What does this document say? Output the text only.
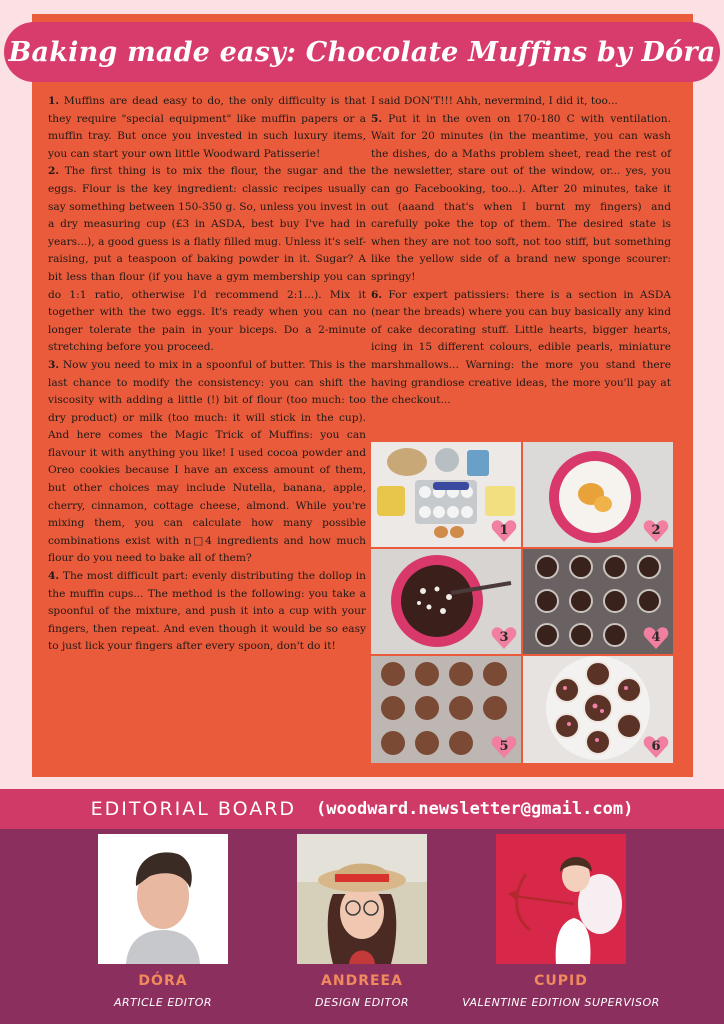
Baking made easy: Chocolate Muffins by Dóra

1. Muffins are dead easy to do, the only difficulty is that they require "special equipment" like muffin papers or a muffin tray. But once you invested in such luxury items, you can start your own little Woodward Patisserie!

2. The first thing is to mix the flour, the sugar and the eggs. Flour is the key ingredient: classic recipes usually say something between 150-350 g. So, unless you invest in a dry measuring cup (£3 in ASDA, best buy I've had in years...), a good guess is a flatly filled mug. Unless it's self-raising, put a teaspoon of baking powder in it. Sugar? A bit less than flour (if you have a gym membership you can do 1:1 ratio, otherwise I'd recommend 2:1...). Mix it together with the two eggs. It's ready when you can no longer tolerate the pain in your biceps. Do a 2-minute stretching before you proceed.

3. Now you need to mix in a spoonful of butter. This is the last chance to modify the consistency: you can shift the viscosity with adding a little (!) bit of flour (too much: too dry product) or milk (too much: it will stick in the cup). And here comes the Magic Trick of Muffins: you can flavour it with anything you like! I used cocoa powder and Oreo cookies because I have an excess amount of them, but other choices may include Nutella, banana, apple, cherry, cinnamon, cottage cheese, almond. While you're mixing them, you can calculate how many possible combinations exist with n□4 ingredients and how much flour do you need to bake all of them?

4. The most difficult part: evenly distributing the dollop in the muffin cups... The method is the following: you take a spoonful of the mixture, and push it into a cup with your fingers, then repeat. And even though it would be so easy to just lick your fingers after every spoon, don't do it!

I said DON'T!!! Ahh, nevermind, I did it, too...

5. Put it in the oven on 170-180 C with ventilation. Wait for 20 minutes (in the meantime, you can wash the dishes, do a Maths problem sheet, read the rest of the newsletter, stare out of the window, or... yes, you can go Facebooking, too...). After 20 minutes, take it out (aaand that's when I burnt my fingers) and carefully poke the top of them. The desired state is when they are not too soft, not too stiff, but something like the yellow side of a brand new sponge scourer: springy!

6. For expert patissiers: there is a section in ASDA (near the breads) where you can buy basically any kind of cake decorating stuff. Little hearts, bigger hearts, icing in 15 different colours, edible pearls, miniature marshmallows... Warning: the more you stand there having grandiose creative ideas, the more you'll pay at the checkout...

1	2
3	4
5	6
EDITORIAL BOARD (woodward.newsletter@gmail.com)
DÓRA
ARTICLE EDITOR
ANDREEA
DESIGN EDITOR
CUPID
VALENTINE EDITION SUPERVISOR
